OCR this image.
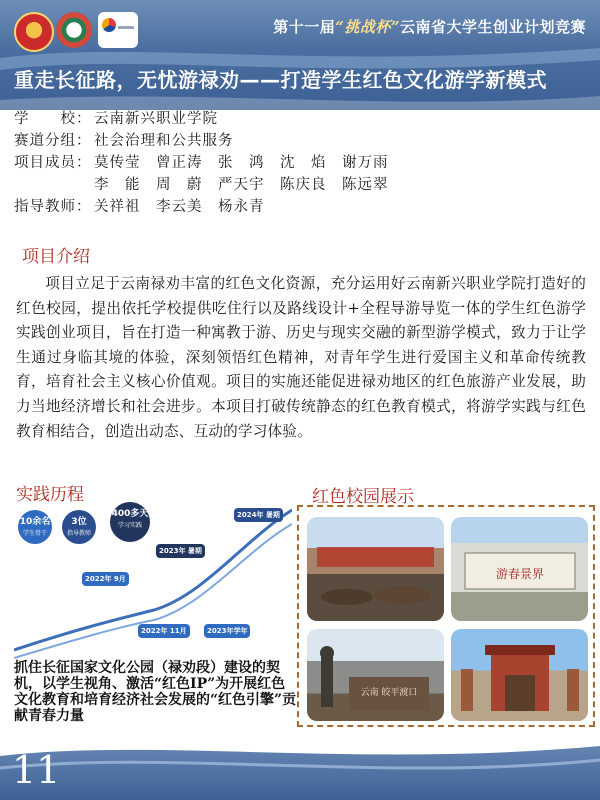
第十一届“挑战杯”云南省大学生创业计划竞赛
重走长征路，无忧游禄劝——打造学生红色文化游学新模式
学　　校： 云南新兴职业学院
赛道分组： 社会治理和公共服务
项目成员： 莫传莹　曾正涛　张　鸿　沈　焰　谢万雨
李　能　周　蔚　严天宇　陈庆良　陈远翠
指导教师： 关祥祖　李云美　杨永青
项目介绍
项目立足于云南禄劝丰富的红色文化资源，充分运用好云南新兴职业学院打造好的红色校园，提出依托学校提供吃住行以及路线设计+全程导游导览一体的学生红色游学实践创业项目，旨在打造一种寓教于游、历史与现实交融的新型游学模式，致力于让学生通过身临其境的体验，深刻领悟红色精神，对青年学生进行爱国主义和革命传统教育，培育社会主义核心价值观。项目的实施还能促进禄劝地区的红色旅游产业发展，助力当地经济增长和社会进步。本项目打破传统静态的红色教育模式，将游学实践与红色教育相结合，创造出动态、互动的学习体验。
实践历程	红色校园展示
10余名
学生骨干
3位
指导教师
400多天
学习实践
2022年 9月
2022年 11月
2023年 暑期
2023年学年
2024年 暑期
抓住长征国家文化公园（禄劝段）建设的契机，以学生视角、激活“红色IP”为开展红色文化教育和培育经济社会发展的“红色引擎”贡献青春力量
游春景界
云南 皎平渡口
11
